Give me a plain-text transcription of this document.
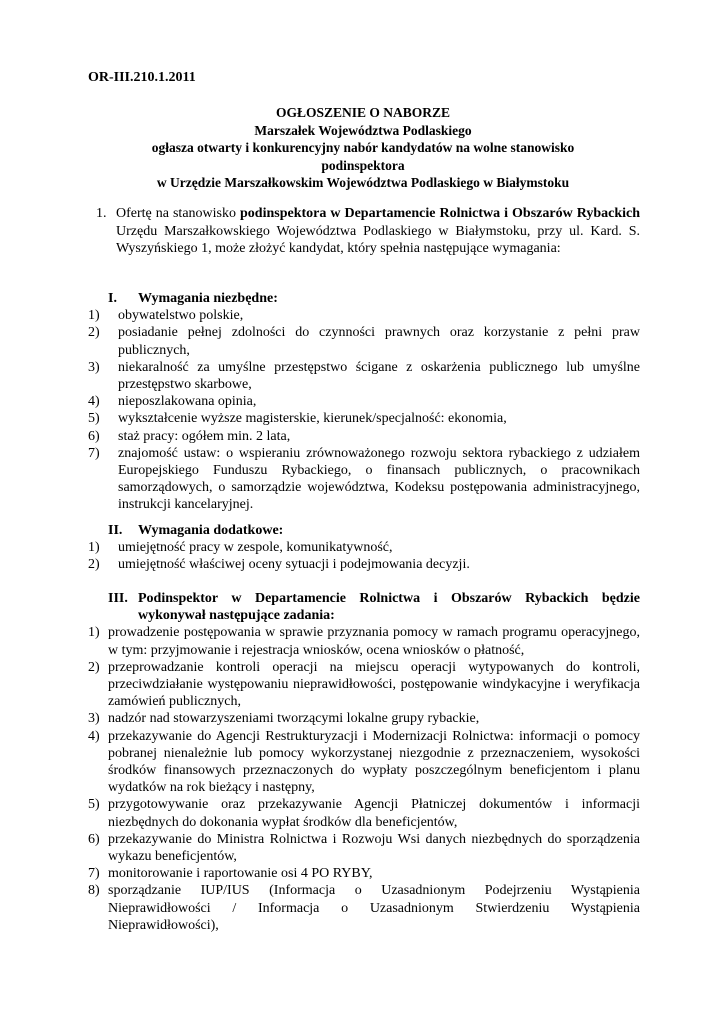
OR-III.210.1.2011
OGŁOSZENIE O NABORZE
Marszałek Województwa Podlaskiego
ogłasza otwarty i konkurencyjny nabór kandydatów na wolne stanowisko
podinspektora
w Urzędzie Marszałkowskim Województwa Podlaskiego w Białymstoku
1. Ofertę na stanowisko podinspektora w Departamencie Rolnictwa i Obszarów Rybackich Urzędu Marszałkowskiego Województwa Podlaskiego w Białymstoku, przy ul. Kard. S. Wyszyńskiego 1, może złożyć kandydat, który spełnia następujące wymagania:
I. Wymagania niezbędne:
1) obywatelstwo polskie,
2) posiadanie pełnej zdolności do czynności prawnych oraz korzystanie z pełni praw publicznych,
3) niekaralność za umyślne przestępstwo ścigane z oskarżenia publicznego lub umyślne przestępstwo skarbowe,
4) nieposzlakowana opinia,
5) wykształcenie wyższe magisterskie, kierunek/specjalność: ekonomia,
6) staż pracy: ogółem min. 2 lata,
7) znajomość ustaw: o wspieraniu zrównoważonego rozwoju sektora rybackiego z udziałem Europejskiego Funduszu Rybackiego, o finansach publicznych, o pracownikach samorządowych, o samorządzie województwa, Kodeksu postępowania administracyjnego, instrukcji kancelaryjnej.
II. Wymagania dodatkowe:
1) umiejętność pracy w zespole, komunikatywność,
2) umiejętność właściwej oceny sytuacji i podejmowania decyzji.
III. Podinspektor w Departamencie Rolnictwa i Obszarów Rybackich będzie wykonywał następujące zadania:
1) prowadzenie postępowania w sprawie przyznania pomocy w ramach programu operacyjnego, w tym: przyjmowanie i rejestracja wniosków, ocena wniosków o płatność,
2) przeprowadzanie kontroli operacji na miejscu operacji wytypowanych do kontroli, przeciwdziałanie występowaniu nieprawidłowości, postępowanie windykacyjne i weryfikacja zamówień publicznych,
3) nadzór nad stowarzyszeniami tworzącymi lokalne grupy rybackie,
4) przekazywanie do Agencji Restrukturyzacji i Modernizacji Rolnictwa: informacji o pomocy pobranej nienależnie lub pomocy wykorzystanej niezgodnie z przeznaczeniem, wysokości środków finansowych przeznaczonych do wypłaty poszczególnym beneficjentom i planu wydatków na rok bieżący i następny,
5) przygotowywanie oraz przekazywanie Agencji Płatniczej dokumentów i informacji niezbędnych do dokonania wypłat środków dla beneficjentów,
6) przekazywanie do Ministra Rolnictwa i Rozwoju Wsi danych niezbędnych do sporządzenia wykazu beneficjentów,
7) monitorowanie i raportowanie osi 4 PO RYBY,
8) sporządzanie IUP/IUS (Informacja o Uzasadnionym Podejrzeniu Wystąpienia Nieprawidłowości / Informacja o Uzasadnionym Stwierdzeniu Wystąpienia Nieprawidłowości),
